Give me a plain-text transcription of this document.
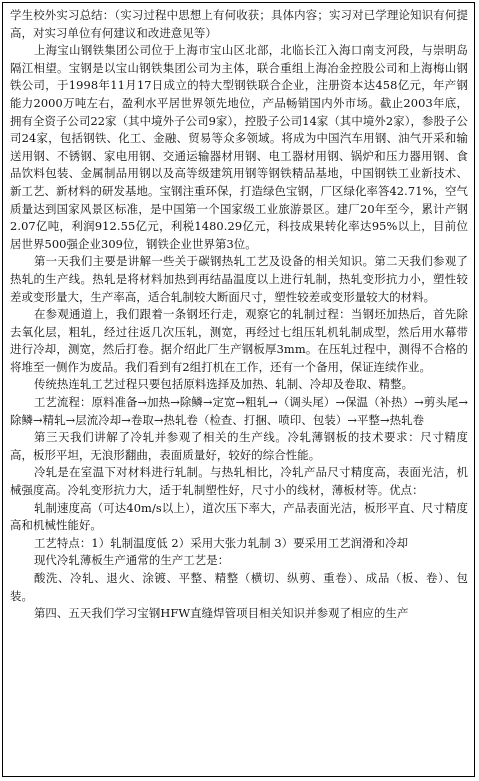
学生校外实习总结：（实习过程中思想上有何收获；具体内容；实习对已学理论知识有何提高，对实习单位有何建议和改进意见等）

上海宝山钢铁集团公司位于上海市宝山区北部，北临长江入海口南支河段，与崇明岛隔江相望。宝钢是以宝山钢铁集团公司为主体，联合重组上海冶金控股公司和上海梅山钢铁公司，于1998年11月17日成立的特大型钢铁联合企业，注册资本达458亿元，年产钢能力2000万吨左右，盈利水平居世界领先地位，产品畅销国内外市场。截止2003年底，拥有全资子公司22家（其中境外子公司9家），控股子公司14家（其中境外2家），参股子公司24家，包括钢铁、化工、金融、贸易等众多领域。将成为中国汽车用钢、油气开采和输送用钢、不锈钢、家电用钢、交通运输器材用钢、电工器材用钢、锅炉和压力器用钢、食品饮料包装、金属制品用钢以及高等级建筑用钢等钢铁精品基地，中国钢铁工业新技术、新工艺、新材料的研发基地。宝钢注重环保，打造绿色宝钢，厂区绿化率答42.71%，空气质量达到国家风景区标准，是中国第一个国家级工业旅游景区。建厂20年至今，累计产钢2.07亿吨，利润912.55亿元，利税1480.29亿元，科技成果转化率达95%以上，目前位居世界500强企业309位，钢铁企业世界第3位。

第一天我们主要是讲解一些关于碳钢热轧工艺及设备的相关知识。第二天我们参观了热轧的生产线。热轧是将材料加热到再结晶温度以上进行轧制，热轧变形抗力小，塑性较差或变形量大，生产率高，适合轧制较大断面尺寸，塑性较差或变形量较大的材料。

在参观通道上，我们跟着一条钢坯行走，观察它的轧制过程：当钢坯加热后，首先除去氧化层，粗轧，经过往返几次压轧，测宽，再经过七组压轧机轧制成型，然后用水幕带进行冷却，测宽，然后打卷。据介绍此厂生产钢板厚3mm。在压轧过程中，测得不合格的将堆至一侧作为废品。我们看到有2组打机在工作，还有一个备用，保证连续作业。

传统热连轧工艺过程只要包括原料选择及加热、轧制、冷却及卷取、精整。

工艺流程：原料准备→加热→除鳞→定宽→粗轧→（调头尾）→保温（补热）→剪头尾→除鳞→精轧→层流冷却→卷取→热轧卷（检查、打捆、喷印、包装）→平整→热轧卷

第三天我们讲解了冷轧并参观了相关的生产线。冷轧薄钢板的技术要求：尺寸精度高，板形平坦，无浪形翻曲，表面质量好，较好的综合性能。

冷轧是在室温下对材料进行轧制。与热轧相比，冷轧产品尺寸精度高，表面光洁，机械强度高。冷轧变形抗力大，适于轧制塑性好，尺寸小的线材，薄板材等。优点：

轧制速度高（可达40m/s以上），道次压下率大，产品表面光洁，板形平直、尺寸精度高和机械性能好。

工艺特点：1）轧制温度低 2）采用大张力轧制 3）要采用工艺润滑和冷却

现代冷轧薄板生产通常的生产工艺是：

酸洗、冷轧、退火、涂镀、平整、精整（横切、纵剪、重卷）、成品（板、卷）、包装。

第四、五天我们学习宝钢HFW直缝焊管项目相关知识并参观了相应的生产
